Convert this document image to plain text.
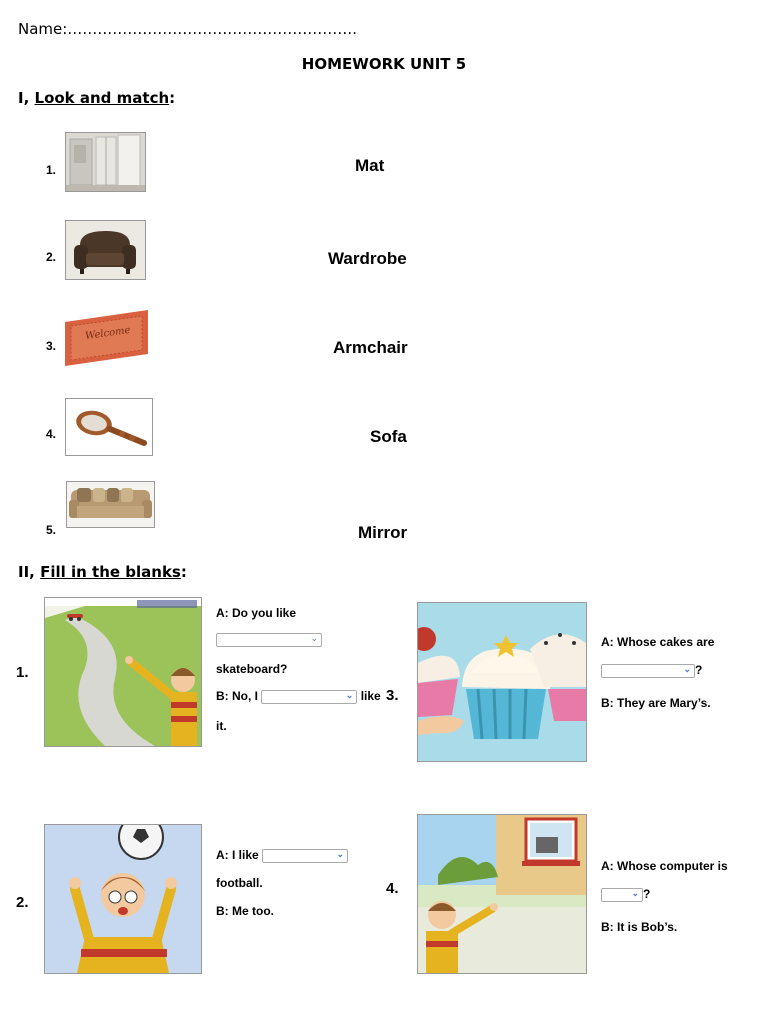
Name:………………………………………………….
HOMEWORK UNIT 5
I, Look and match:
1.
2.
3.
4.
5.
Welcome
Mat
Wardrobe
Armchair
Sofa
Mirror
II, Fill in the blanks:
1.
A: Do you like
⌄
skateboard?
B: No, I	⌄ like
it.
3.
A: Whose cakes are
⌄ ?
B: They are Mary’s.
2.
A: I like	⌄
football.
B: Me too.
4.
A: Whose computer is
⌄ ?
B: It is Bob’s.
